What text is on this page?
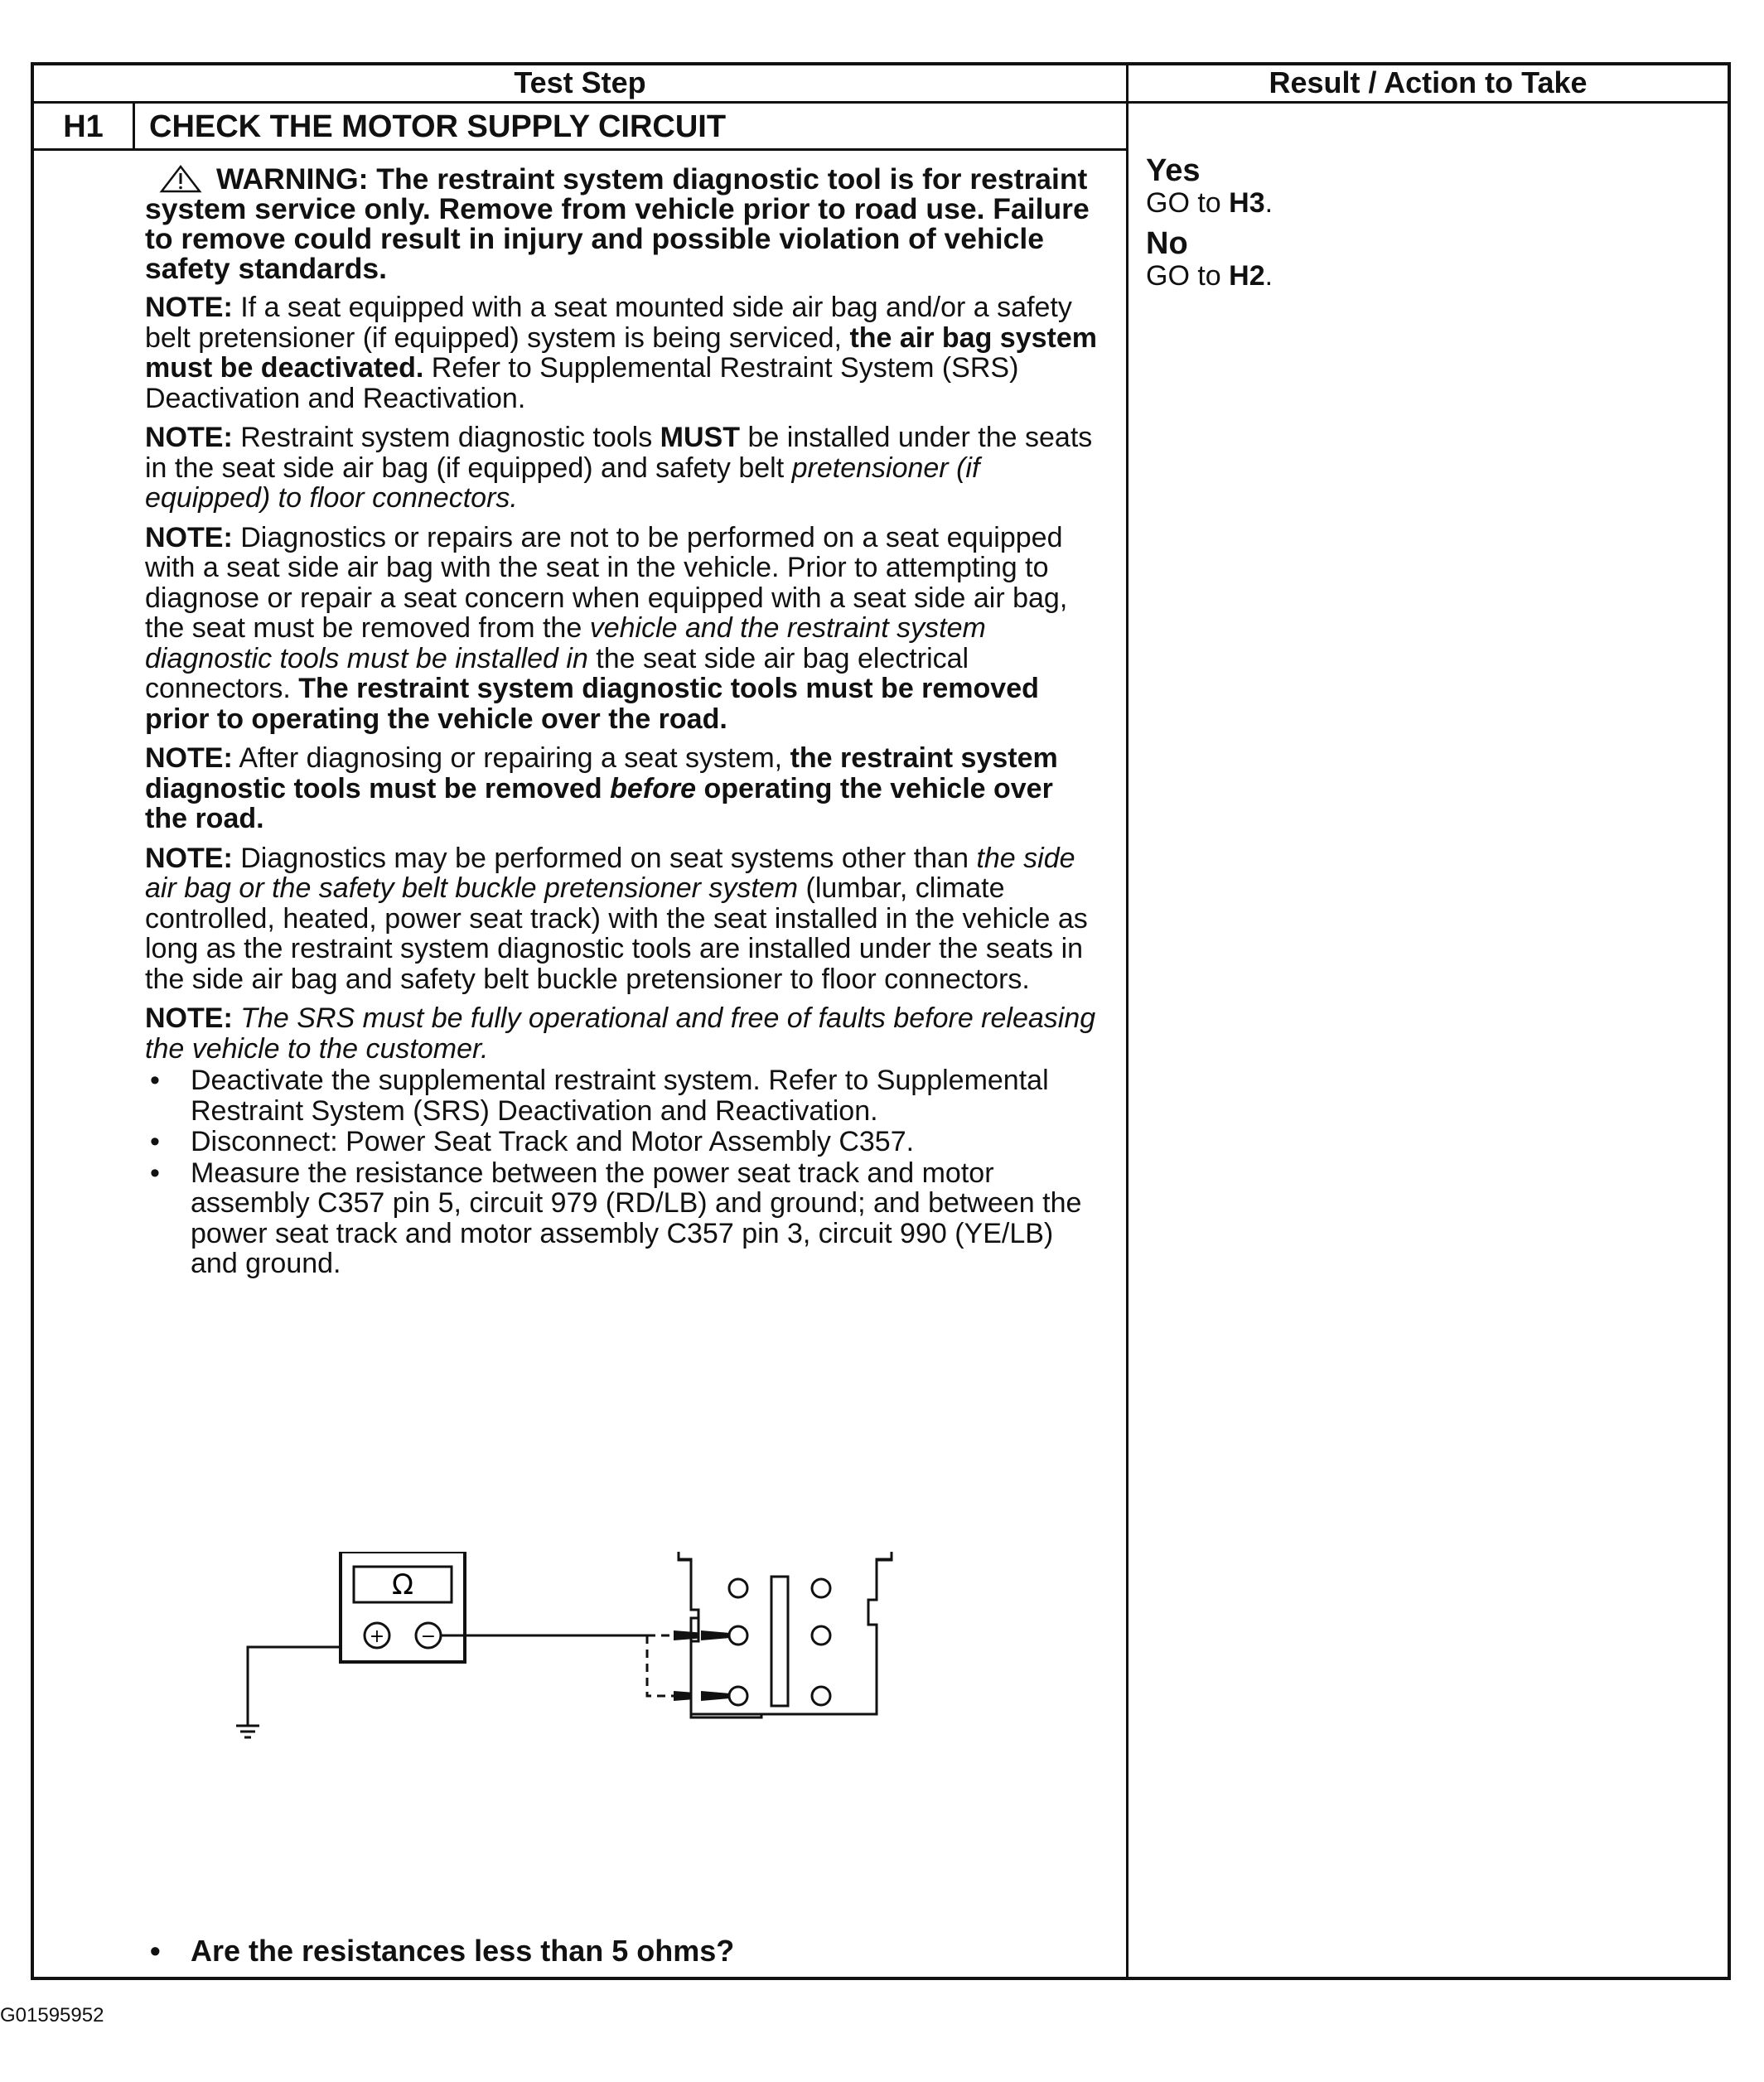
Test Step	Result / Action to Take
H1	CHECK THE MOTOR SUPPLY CIRCUIT

WARNING: The restraint system diagnostic tool is for restraint system service only. Remove from vehicle prior to road use. Failure to remove could result in injury and possible violation of vehicle safety standards.

NOTE: If a seat equipped with a seat mounted side air bag and/or a safety belt pretensioner (if equipped) system is being serviced, the air bag system must be deactivated. Refer to Supplemental Restraint System (SRS) Deactivation and Reactivation.

NOTE: Restraint system diagnostic tools MUST be installed under the seats in the seat side air bag (if equipped) and safety belt pretensioner (if equipped) to floor connectors.

NOTE: Diagnostics or repairs are not to be performed on a seat equipped with a seat side air bag with the seat in the vehicle. Prior to attempting to diagnose or repair a seat concern when equipped with a seat side air bag, the seat must be removed from the vehicle and the restraint system diagnostic tools must be installed in the seat side air bag electrical connectors. The restraint system diagnostic tools must be removed prior to operating the vehicle over the road.

NOTE: After diagnosing or repairing a seat system, the restraint system diagnostic tools must be removed before operating the vehicle over the road.

NOTE: Diagnostics may be performed on seat systems other than the side air bag or the safety belt buckle pretensioner system (lumbar, climate controlled, heated, power seat track) with the seat installed in the vehicle as long as the restraint system diagnostic tools are installed under the seats in the side air bag and safety belt buckle pretensioner to floor connectors.

NOTE: The SRS must be fully operational and free of faults before releasing the vehicle to the customer.

• Deactivate the supplemental restraint system. Refer to Supplemental Restraint System (SRS) Deactivation and Reactivation.
• Disconnect: Power Seat Track and Motor Assembly C357.
• Measure the resistance between the power seat track and motor assembly C357 pin 5, circuit 979 (RD/LB) and ground; and between the power seat track and motor assembly C357 pin 3, circuit 990 (YE/LB) and ground.
Ω
+ −
• Are the resistances less than 5 ohms?
Yes
GO to H3.
No
GO to H2.
G01595952
